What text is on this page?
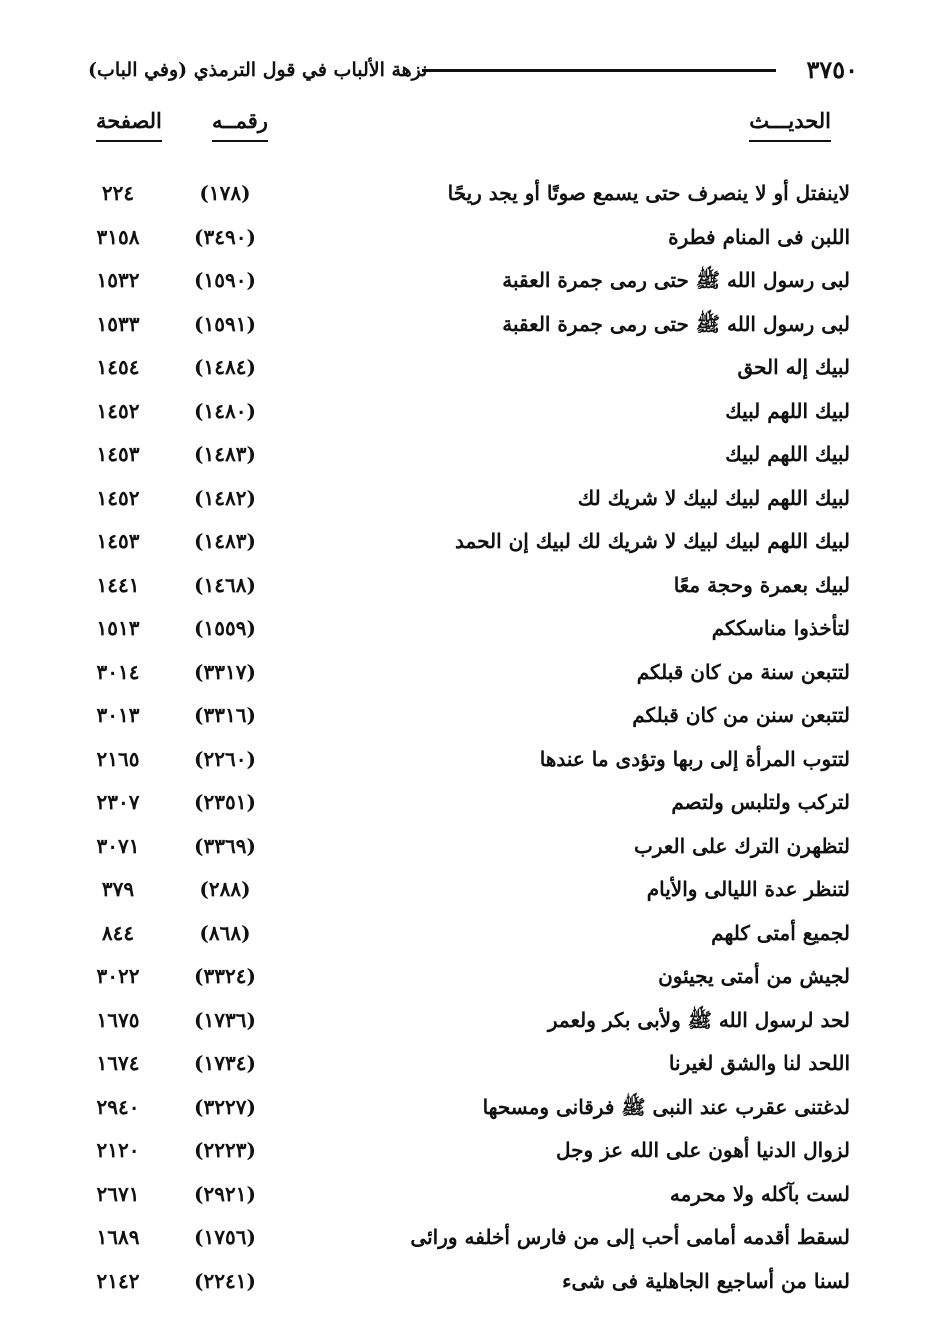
٣٧٥٠
نزهة الألباب في قول الترمذي (وفي الباب)
الحديـــث
رقمــه
الصفحة
لاينفتل أو لا ينصرف حتى يسمع صوتًا أو يجد ريحًا
(١٧٨)
٢٢٤
اللبن فى المنام فطرة
(٣٤٩٠)
٣١٥٨
لبى رسول الله ﷺ حتى رمى جمرة العقبة
(١٥٩٠)
١٥٣٢
لبى رسول الله ﷺ حتى رمى جمرة العقبة
(١٥٩١)
١٥٣٣
لبيك إله الحق
(١٤٨٤)
١٤٥٤
لبيك اللهم لبيك
(١٤٨٠)
١٤٥٢
لبيك اللهم لبيك
(١٤٨٣)
١٤٥٣
لبيك اللهم لبيك لبيك لا شريك لك
(١٤٨٢)
١٤٥٢
لبيك اللهم لبيك لبيك لا شريك لك لبيك إن الحمد
(١٤٨٣)
١٤٥٣
لبيك بعمرة وحجة معًا
(١٤٦٨)
١٤٤١
لتأخذوا مناسككم
(١٥٥٩)
١٥١٣
لتتبعن سنة من كان قبلكم
(٣٣١٧)
٣٠١٤
لتتبعن سنن من كان قبلكم
(٣٣١٦)
٣٠١٣
لتتوب المرأة إلى ربها وتؤدى ما عندها
(٢٢٦٠)
٢١٦٥
لتركب ولتلبس ولتصم
(٢٣٥١)
٢٣٠٧
لتظهرن الترك على العرب
(٣٣٦٩)
٣٠٧١
لتنظر عدة الليالى والأيام
(٢٨٨)
٣٧٩
لجميع أمتى كلهم
(٨٦٨)
٨٤٤
لجيش من أمتى يجيئون
(٣٣٢٤)
٣٠٢٢
لحد لرسول الله ﷺ ولأبى بكر ولعمر
(١٧٣٦)
١٦٧٥
اللحد لنا والشق لغيرنا
(١٧٣٤)
١٦٧٤
لدغتنى عقرب عند النبى ﷺ فرقانى ومسحها
(٣٢٢٧)
٢٩٤٠
لزوال الدنيا أهون على الله عز وجل
(٢٢٢٣)
٢١٢٠
لست بآكله ولا محرمه
(٢٩٢١)
٢٦٧١
لسقط أقدمه أمامى أحب إلى من فارس أخلفه ورائى
(١٧٥٦)
١٦٨٩
لسنا من أساجيع الجاهلية فى شىء
(٢٢٤١)
٢١٤٢
